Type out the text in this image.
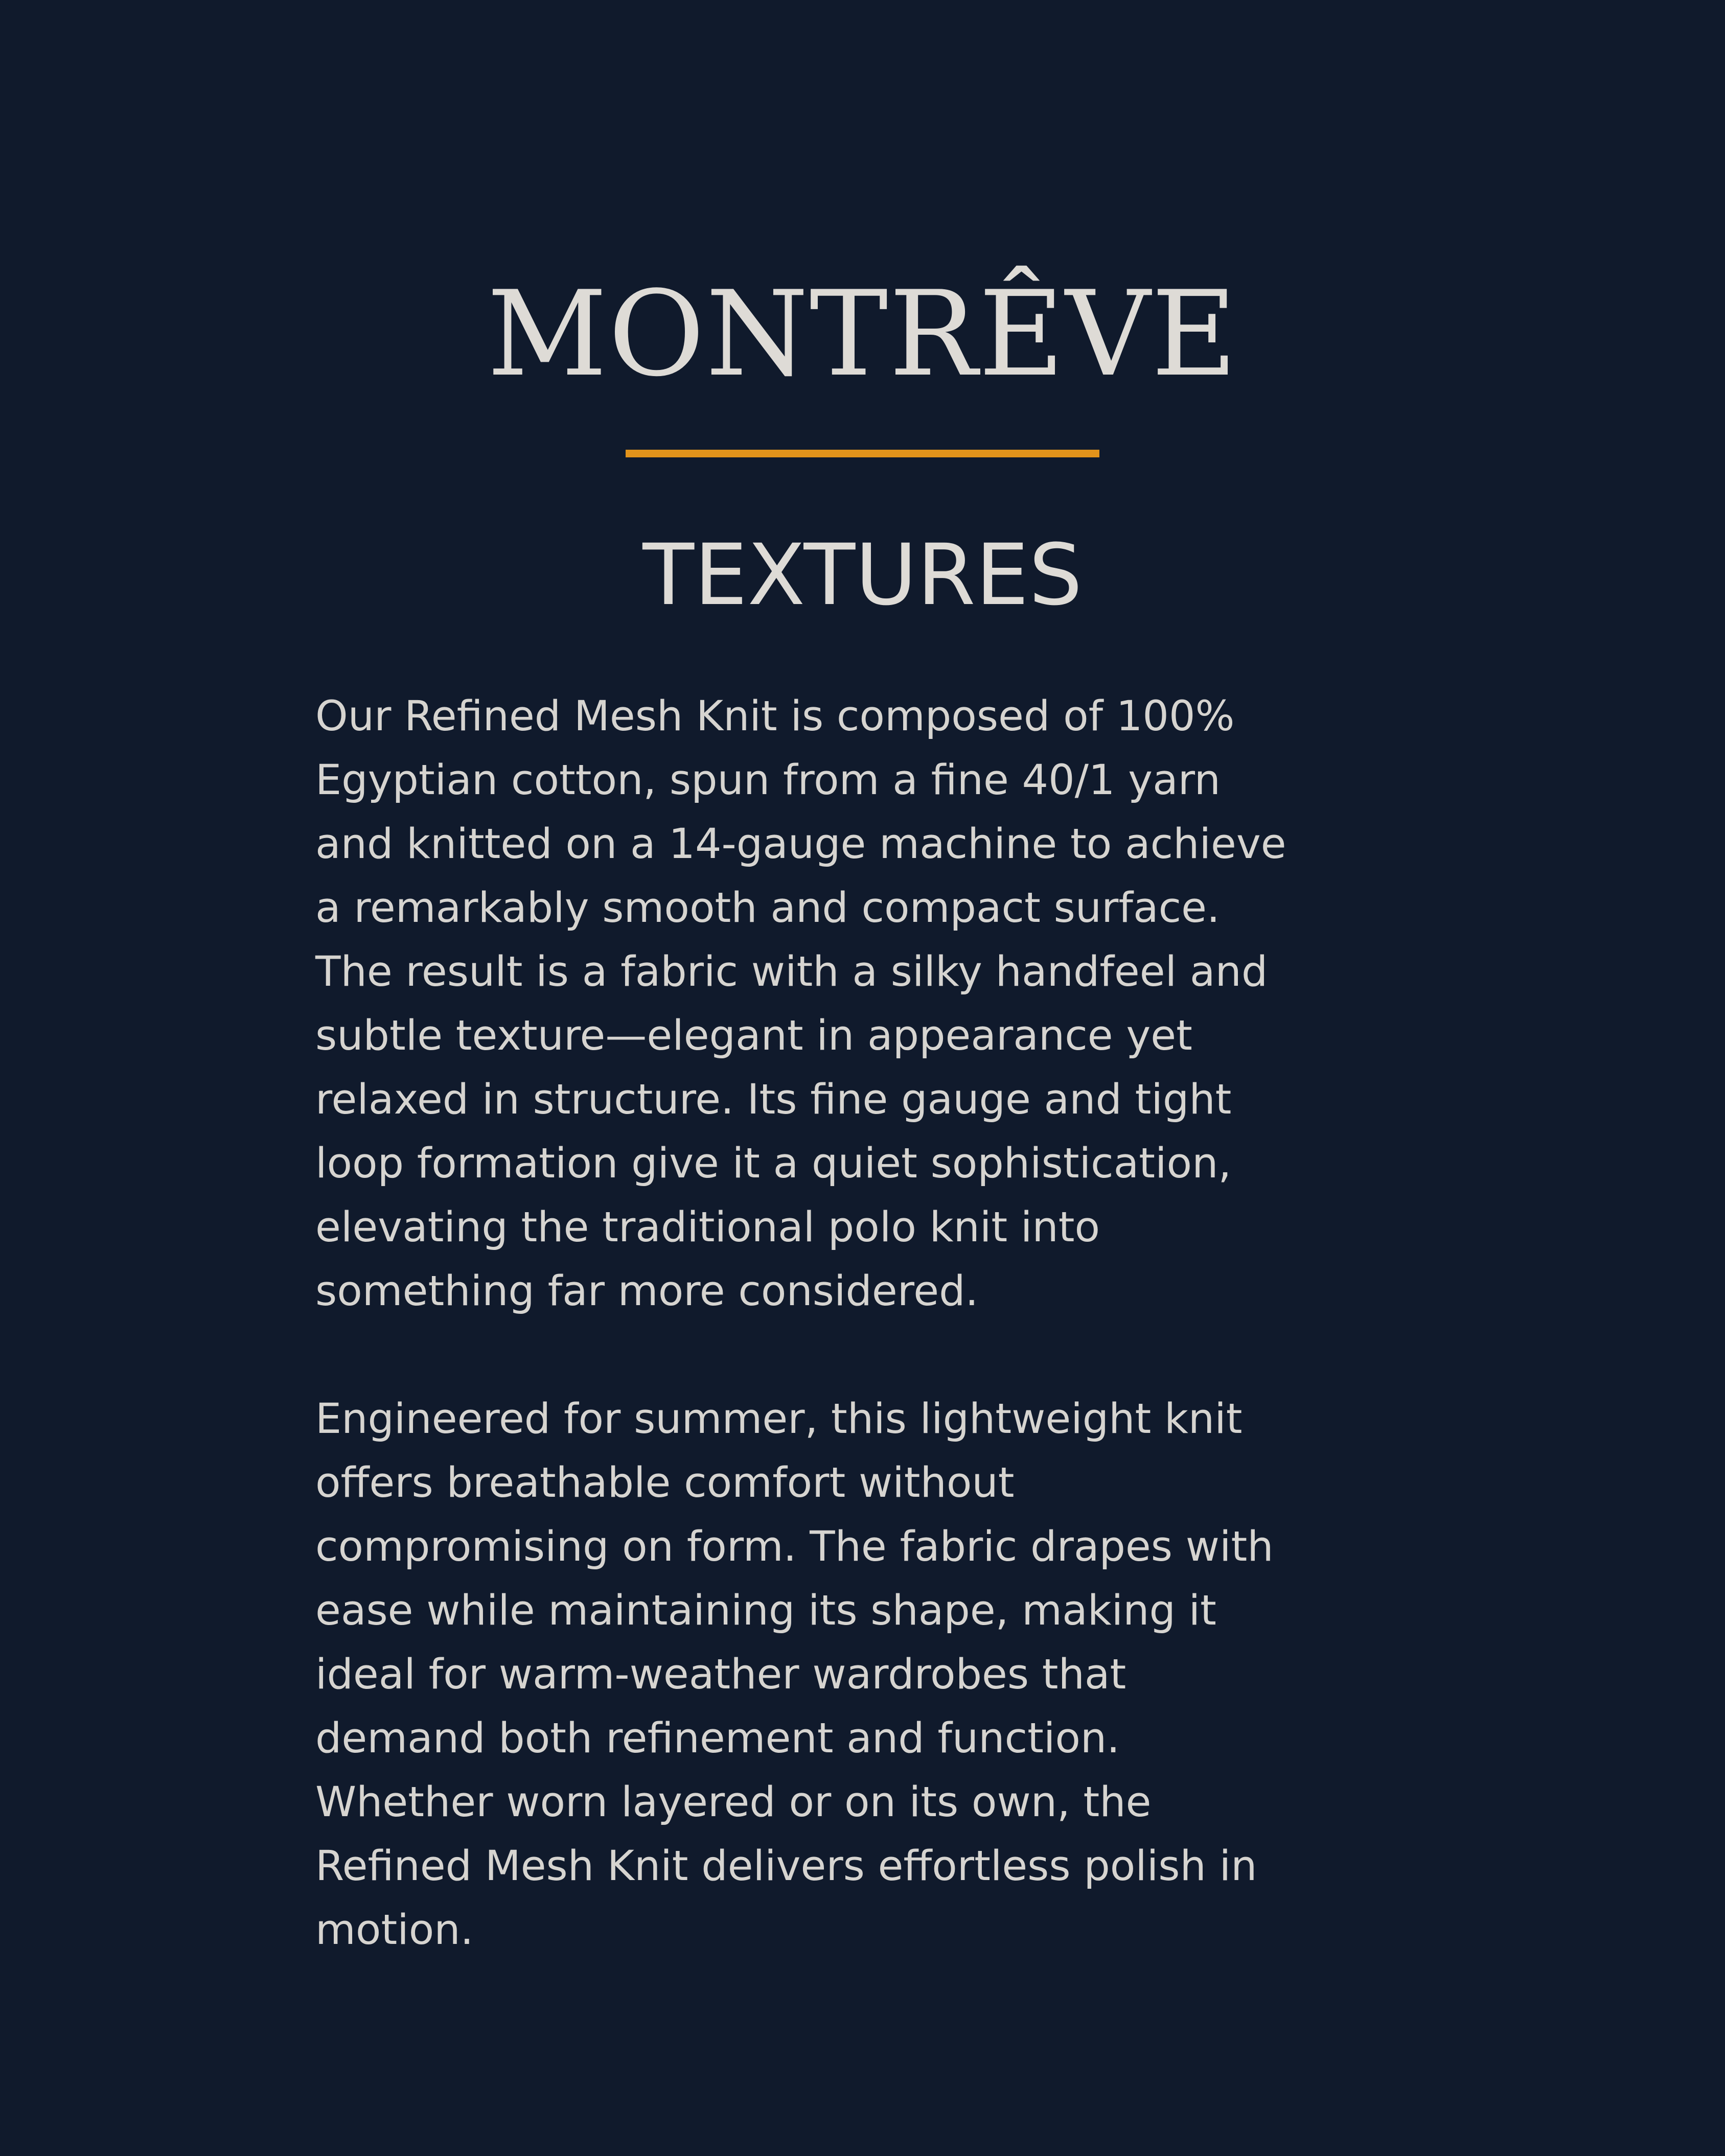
MONTRÊVE
TEXTURES

Our Refined Mesh Knit is composed of 100%
Egyptian cotton, spun from a fine 40/1 yarn
and knitted on a 14-gauge machine to achieve
a remarkably smooth and compact surface.
The result is a fabric with a silky handfeel and
subtle texture—elegant in appearance yet
relaxed in structure. Its fine gauge and tight
loop formation give it a quiet sophistication,
elevating the traditional polo knit into
something far more considered.

Engineered for summer, this lightweight knit
offers breathable comfort without
compromising on form. The fabric drapes with
ease while maintaining its shape, making it
ideal for warm-weather wardrobes that
demand both refinement and function.
Whether worn layered or on its own, the
Refined Mesh Knit delivers effortless polish in
motion.
